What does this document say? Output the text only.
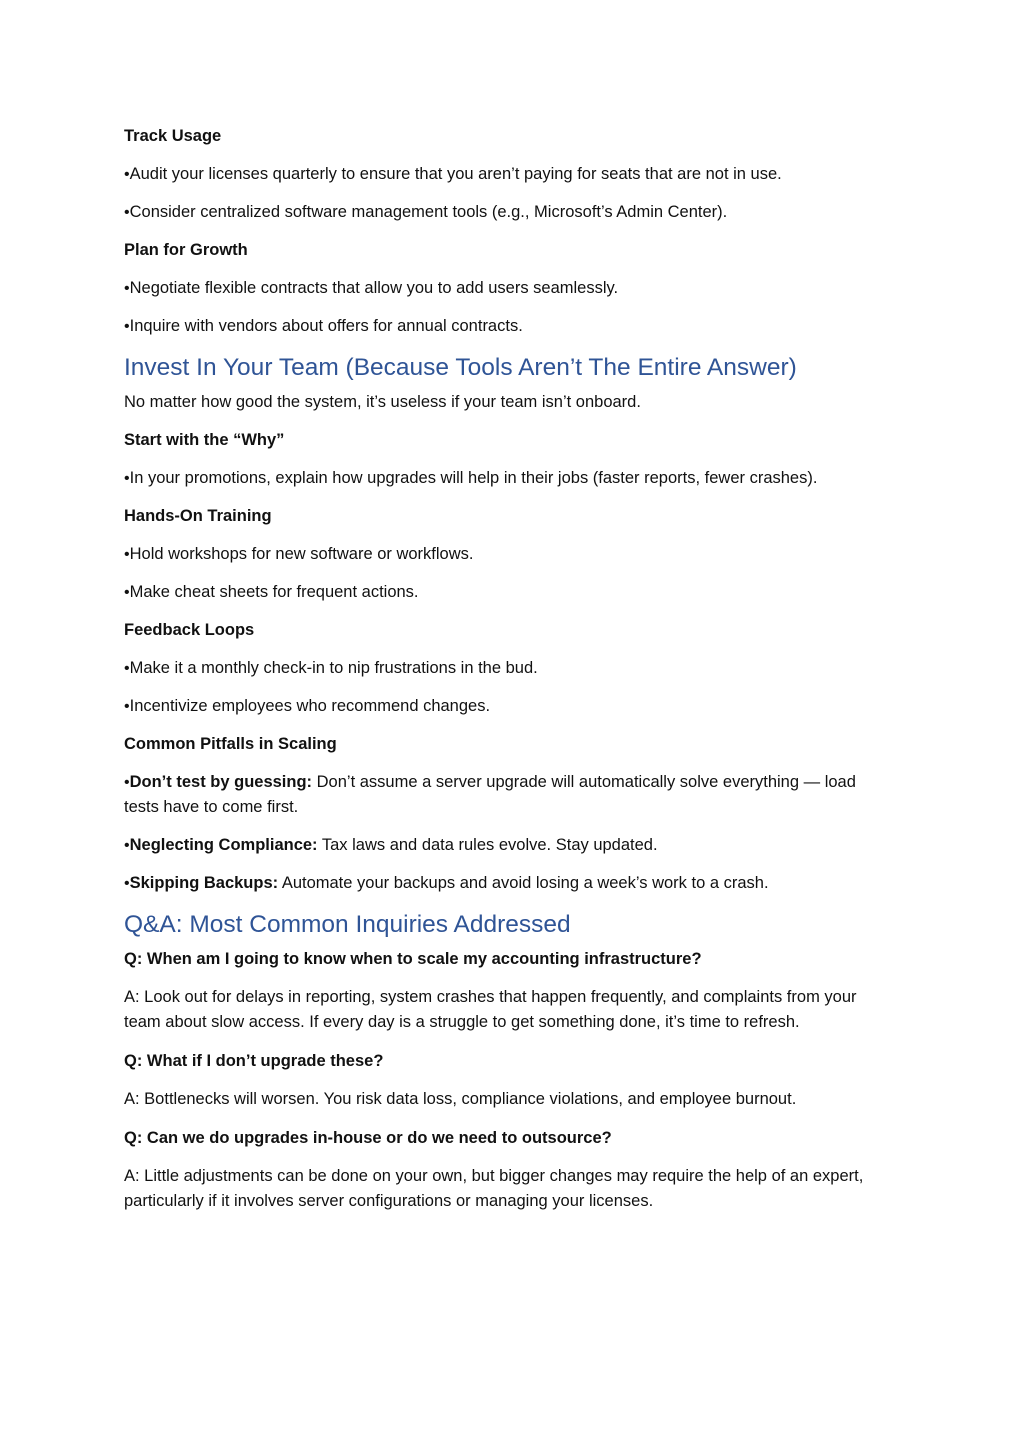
Track Usage

•Audit your licenses quarterly to ensure that you aren’t paying for seats that are not in use.

•Consider centralized software management tools (e.g., Microsoft’s Admin Center).

Plan for Growth

•Negotiate flexible contracts that allow you to add users seamlessly.

•Inquire with vendors about offers for annual contracts.

Invest In Your Team (Because Tools Aren’t The Entire Answer)

No matter how good the system, it’s useless if your team isn’t onboard.

Start with the “Why”

•In your promotions, explain how upgrades will help in their jobs (faster reports, fewer crashes).

Hands-On Training

•Hold workshops for new software or workflows.

•Make cheat sheets for frequent actions.

Feedback Loops

•Make it a monthly check-in to nip frustrations in the bud.

•Incentivize employees who recommend changes.

Common Pitfalls in Scaling

•Don’t test by guessing: Don’t assume a server upgrade will automatically solve everything — load tests have to come first.

•Neglecting Compliance: Tax laws and data rules evolve. Stay updated.

•Skipping Backups: Automate your backups and avoid losing a week’s work to a crash.

Q&A: Most Common Inquiries Addressed

Q: When am I going to know when to scale my accounting infrastructure?

A: Look out for delays in reporting, system crashes that happen frequently, and complaints from your team about slow access. If every day is a struggle to get something done, it’s time to refresh.

Q: What if I don’t upgrade these?

A: Bottlenecks will worsen. You risk data loss, compliance violations, and employee burnout.

Q: Can we do upgrades in-house or do we need to outsource?

A: Little adjustments can be done on your own, but bigger changes may require the help of an expert, particularly if it involves server configurations or managing your licenses.
